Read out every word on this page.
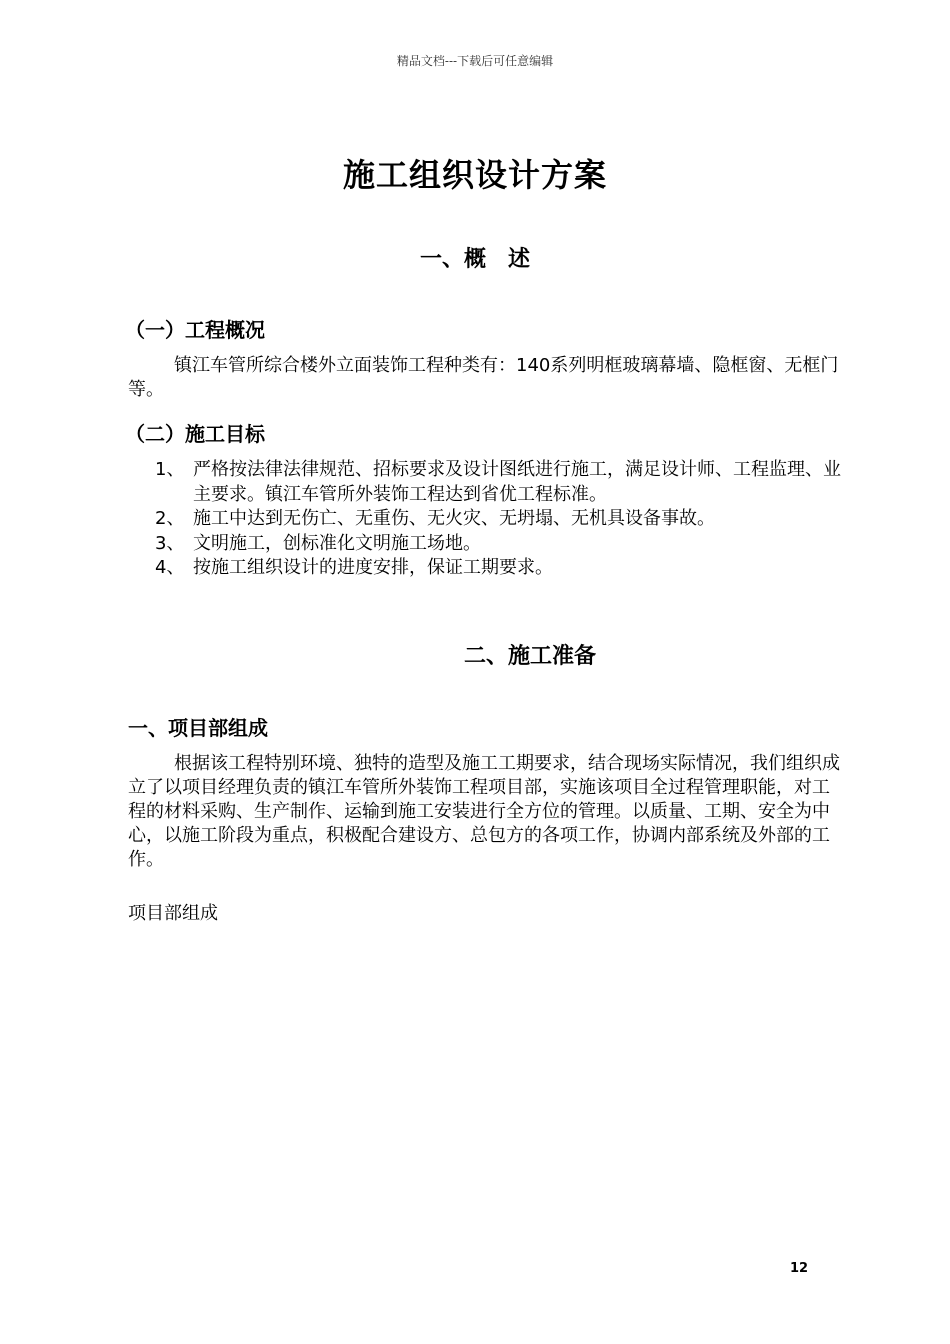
精品文档---下载后可任意编辑
施工组织设计方案
一、概　述
（一）工程概况
镇江车管所综合楼外立面装饰工程种类有：140系列明框玻璃幕墙、隐框窗、无框门等。
（二）施工目标
1、 严格按法律法律规范、招标要求及设计图纸进行施工，满足设计师、工程监理、业主要求。镇江车管所外装饰工程达到省优工程标准。
2、 施工中达到无伤亡、无重伤、无火灾、无坍塌、无机具设备事故。
3、 文明施工，创标准化文明施工场地。
4、 按施工组织设计的进度安排，保证工期要求。
二、施工准备
一、项目部组成
根据该工程特别环境、独特的造型及施工工期要求，结合现场实际情况，我们组织成立了以项目经理负责的镇江车管所外装饰工程项目部，实施该项目全过程管理职能，对工程的材料采购、生产制作、运输到施工安装进行全方位的管理。以质量、工期、安全为中心，以施工阶段为重点，积极配合建设方、总包方的各项工作，协调内部系统及外部的工作。
项目部组成
12
